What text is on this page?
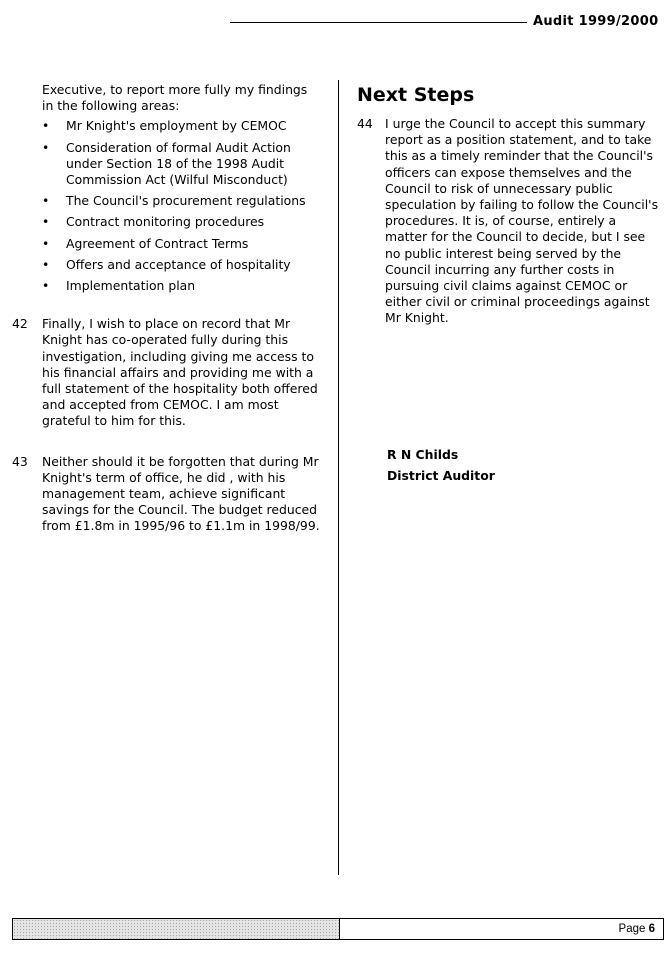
Audit 1999/2000
Executive, to report more fully my findings in the following areas:
• Mr Knight's employment by CEMOC
• Consideration of formal Audit Action under Section 18 of the 1998 Audit Commission Act (Wilful Misconduct)
• The Council's procurement regulations
• Contract monitoring procedures
• Agreement of Contract Terms
• Offers and acceptance of hospitality
• Implementation plan
42 Finally, I wish to place on record that Mr Knight has co-operated fully during this investigation, including giving me access to his financial affairs and providing me with a full statement of the hospitality both offered and accepted from CEMOC. I am most grateful to him for this.
43 Neither should it be forgotten that during Mr Knight's term of office, he did , with his management team, achieve significant savings for the Council. The budget reduced from £1.8m in 1995/96 to £1.1m in 1998/99.
Next Steps
44 I urge the Council to accept this summary report as a position statement, and to take this as a timely reminder that the Council's officers can expose themselves and the Council to risk of unnecessary public speculation by failing to follow the Council's procedures. It is, of course, entirely a matter for the Council to decide, but I see no public interest being served by the Council incurring any further costs in pursuing civil claims against CEMOC or either civil or criminal proceedings against Mr Knight.
R N Childs
District Auditor
Page 6
